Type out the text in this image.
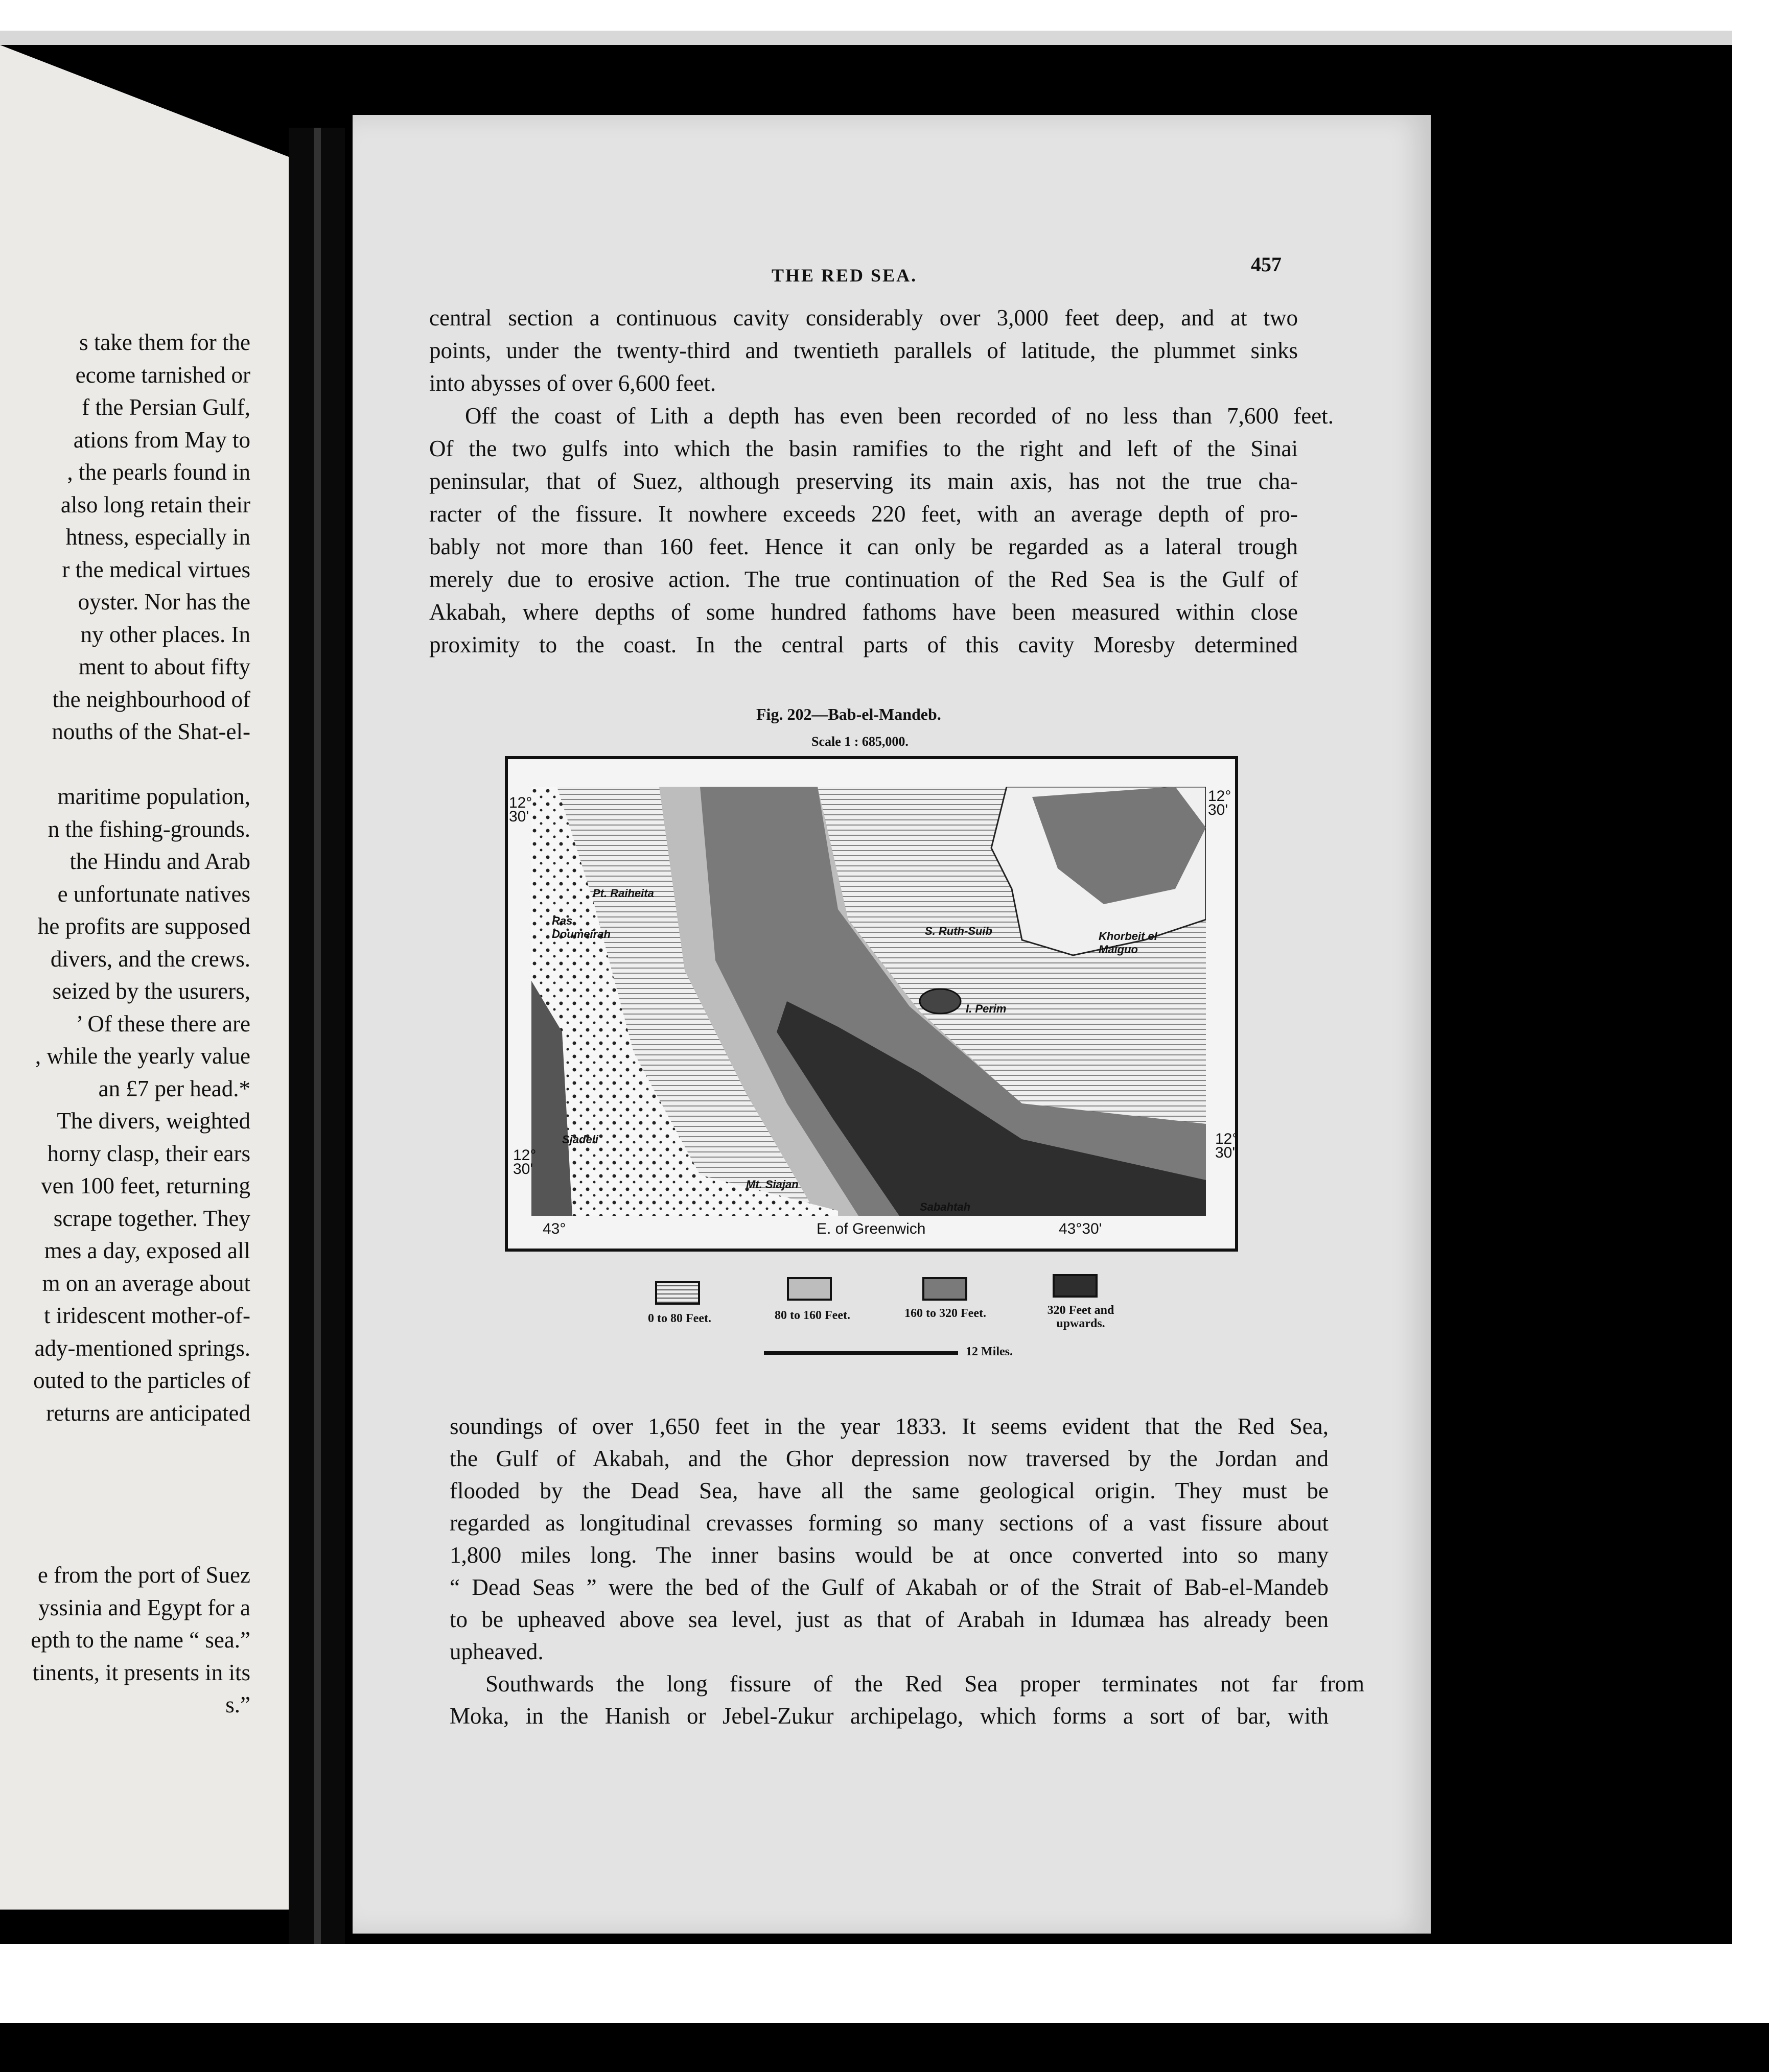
s take them for the
ecome tarnished or
f the Persian Gulf,
ations from May to
, the pearls found in
also long retain their
htness, especially in
r the medical virtues
oyster. Nor has the
ny other places. In
ment to about fifty
the neighbourhood of
nouths of the Shat-el-
maritime population,
n the fishing-grounds.
the Hindu and Arab
e unfortunate natives
he profits are supposed
divers, and the crews.
seized by the usurers,
’ Of these there are
, while the yearly value
an £7 per head.*
The divers, weighted
horny clasp, their ears
ven 100 feet, returning
scrape together. They
mes a day, exposed all
m on an average about
t iridescent mother-of-
ady-mentioned springs.
outed to the particles of
returns are anticipated
e from the port of Suez
yssinia and Egypt for a
epth to the name “ sea.”
tinents, it presents in its
s.”
THE RED SEA.	457
central section a continuous cavity considerably over 3,000 feet deep, and at two
points, under the twenty-third and twentieth parallels of latitude, the plummet sinks
into abysses of over 6,600 feet.
Off the coast of Lith a depth has even been recorded of no less than 7,600 feet.
Of the two gulfs into which the basin ramifies to the right and left of the Sinai
peninsular, that of Suez, although preserving its main axis, has not the true cha-
racter of the fissure. It nowhere exceeds 220 feet, with an average depth of pro-
bably not more than 160 feet. Hence it can only be regarded as a lateral trough
merely due to erosive action. The true continuation of the Red Sea is the Gulf of
Akabah, where depths of some hundred fathoms have been measured within close
proximity to the coast. In the central parts of this cavity Moresby determined
Fig. 202—Bab-el-Mandeb.
Scale 1 : 685,000.
12°
30'
12°
30'
12°
30'
12°
30'
43°	E. of Greenwich	43°30'
Pt. Raiheita
Ras Doumeirah	S. Ruth-Suib	Khorbeit el Maiguo
I. Perim
Sjadeli
Mt. Siajan
Sabahtah
0 to 80 Feet.	80 to 160 Feet.	160 to 320 Feet.	320 Feet and upwards.
12 Miles.
soundings of over 1,650 feet in the year 1833. It seems evident that the Red Sea,
the Gulf of Akabah, and the Ghor depression now traversed by the Jordan and
flooded by the Dead Sea, have all the same geological origin. They must be
regarded as longitudinal crevasses forming so many sections of a vast fissure about
1,800 miles long. The inner basins would be at once converted into so many
“ Dead Seas ” were the bed of the Gulf of Akabah or of the Strait of Bab-el-Mandeb
to be upheaved above sea level, just as that of Arabah in Idumæa has already been
upheaved.
Southwards the long fissure of the Red Sea proper terminates not far from
Moka, in the Hanish or Jebel-Zukur archipelago, which forms a sort of bar, with
